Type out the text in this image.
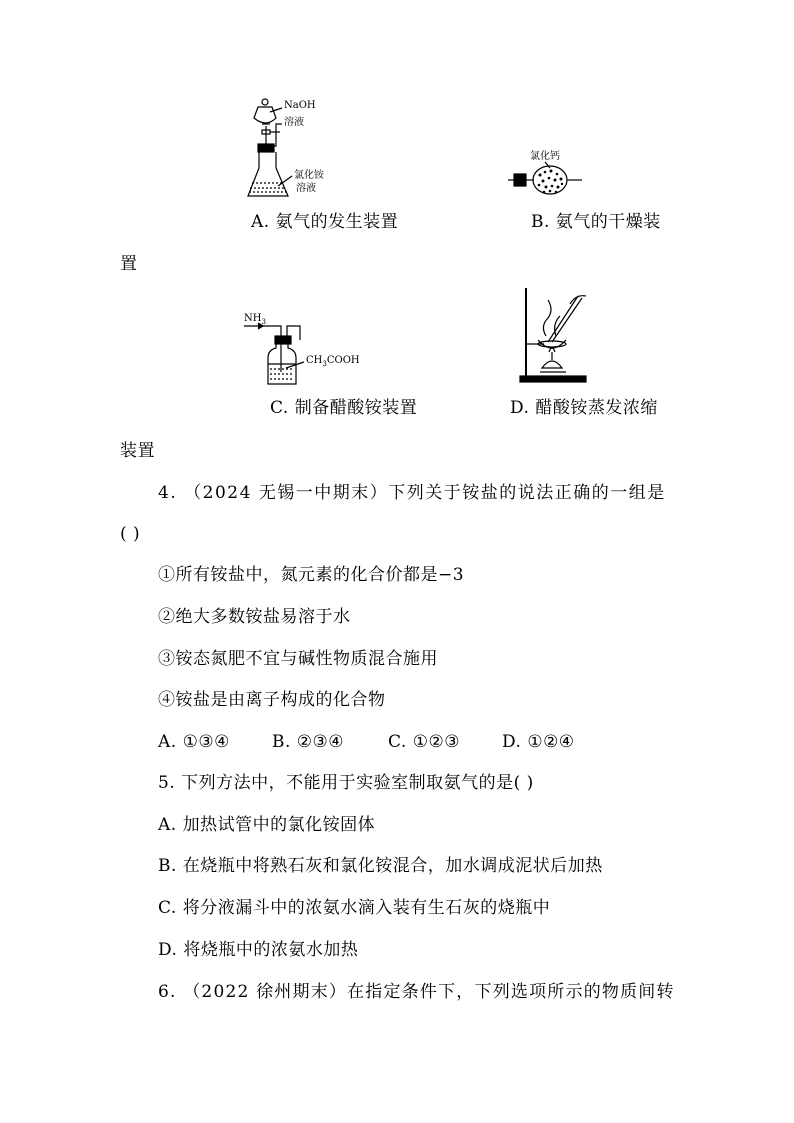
NaOH
溶液
氯化铵
溶液
A. 氨气的发生装置
氯化钙
B. 氨气的干燥装
置
$NH_3$
$CH_3COOH$
C. 制备醋酸铵装置	D. 醋酸铵蒸发浓缩
装置
4. （2024 无锡一中期末）下列关于铵盐的说法正确的一组是
( )
①所有铵盐中，氮元素的化合价都是−3
②绝大多数铵盐易溶于水
③铵态氮肥不宜与碱性物质混合施用
④铵盐是由离子构成的化合物
A. ①③④ B. ②③④	C. ①②③ D. ①②④
5. 下列方法中，不能用于实验室制取氨气的是( )
A. 加热试管中的氯化铵固体
B. 在烧瓶中将熟石灰和氯化铵混合，加水调成泥状后加热
C. 将分液漏斗中的浓氨水滴入装有生石灰的烧瓶中
D. 将烧瓶中的浓氨水加热
6. （2022 徐州期末）在指定条件下，下列选项所示的物质间转
